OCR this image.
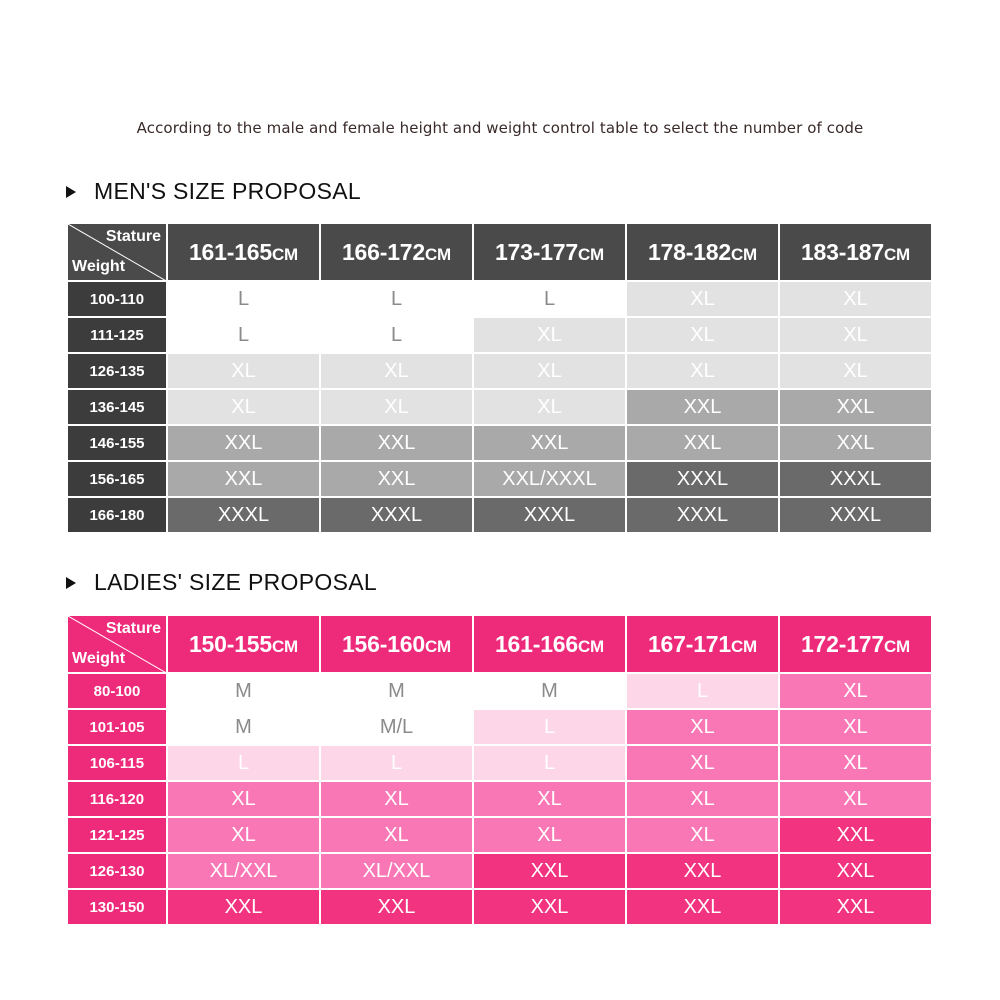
According to the male and female height and weight control table to select the number of code
MEN'S SIZE PROPOSAL
Stature
Weight	161-165CM	166-172CM	173-177CM	178-182CM	183-187CM
100-110	L	L	L	XL	XL
111-125	L	L	XL	XL	XL
126-135	XL	XL	XL	XL	XL
136-145	XL	XL	XL	XXL	XXL
146-155	XXL	XXL	XXL	XXL	XXL
156-165	XXL	XXL	XXL/XXXL	XXXL	XXXL
166-180	XXXL	XXXL	XXXL	XXXL	XXXL
LADIES' SIZE PROPOSAL
Stature
Weight	150-155CM	156-160CM	161-166CM	167-171CM	172-177CM
80-100	M	M	M	L	XL
101-105	M	M/L	L	XL	XL
106-115	L	L	L	XL	XL
116-120	XL	XL	XL	XL	XL
121-125	XL	XL	XL	XL	XXL
126-130	XL/XXL	XL/XXL	XXL	XXL	XXL
130-150	XXL	XXL	XXL	XXL	XXL
